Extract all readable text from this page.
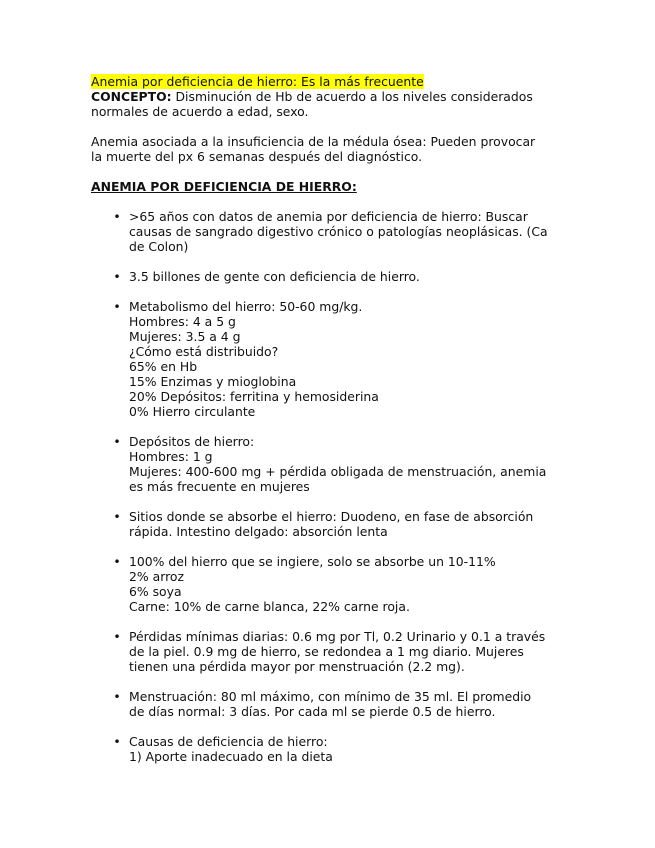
Anemia por deficiencia de hierro: Es la más frecuente
CONCEPTO: Disminución de Hb de acuerdo a los niveles considerados
normales de acuerdo a edad, sexo.
Anemia asociada a la insuficiencia de la médula ósea: Pueden provocar
la muerte del px 6 semanas después del diagnóstico.
ANEMIA POR DEFICIENCIA DE HIERRO:
• >65 años con datos de anemia por deficiencia de hierro: Buscar
causas de sangrado digestivo crónico o patologías neoplásicas. (Ca
de Colon)
• 3.5 billones de gente con deficiencia de hierro.
• Metabolismo del hierro: 50-60 mg/kg.
Hombres: 4 a 5 g
Mujeres: 3.5 a 4 g
¿Cómo está distribuido?
65% en Hb
15% Enzimas y mioglobina
20% Depósitos: ferritina y hemosiderina
0% Hierro circulante
• Depósitos de hierro:
Hombres: 1 g
Mujeres: 400-600 mg + pérdida obligada de menstruación, anemia
es más frecuente en mujeres
• Sitios donde se absorbe el hierro: Duodeno, en fase de absorción
rápida. Intestino delgado: absorción lenta
• 100% del hierro que se ingiere, solo se absorbe un 10-11%
2% arroz
6% soya
Carne: 10% de carne blanca, 22% carne roja.
• Pérdidas mínimas diarias: 0.6 mg por Tl, 0.2 Urinario y 0.1 a través
de la piel. 0.9 mg de hierro, se redondea a 1 mg diario. Mujeres
tienen una pérdida mayor por menstruación (2.2 mg).
• Menstruación: 80 ml máximo, con mínimo de 35 ml. El promedio
de días normal: 3 días. Por cada ml se pierde 0.5 de hierro.
• Causas de deficiencia de hierro:
1) Aporte inadecuado en la dieta
